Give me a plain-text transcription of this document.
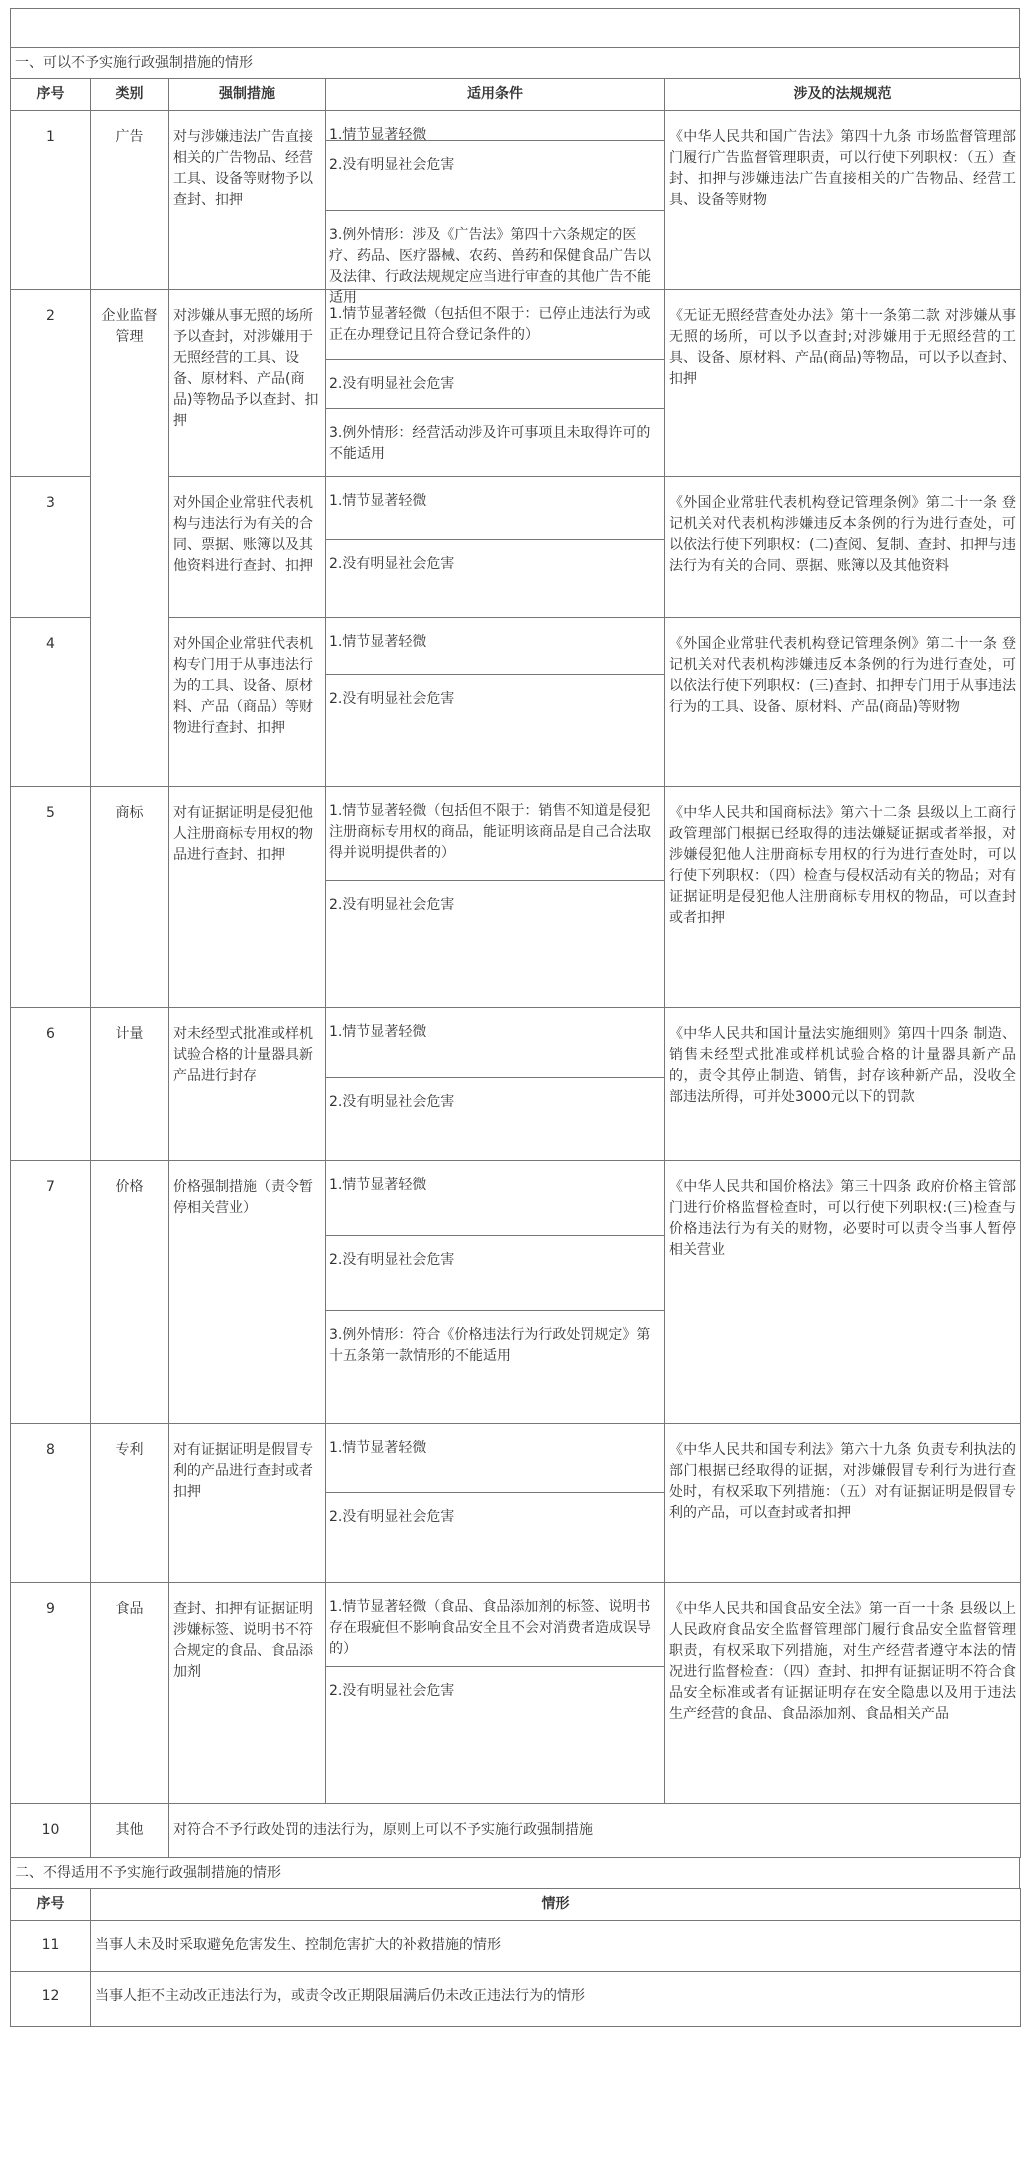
一、可以不予实施行政强制措施的情形
序号	类别	强制措施	适用条件	涉及的法规规范
1	广告	对与涉嫌违法广告直接相关的广告物品、经营工具、设备等财物予以查封、扣押	1.情节显著轻微
2.没有明显社会危害
3.例外情形：涉及《广告法》第四十六条规定的医疗、药品、医疗器械、农药、兽药和保健食品广告以及法律、行政法规规定应当进行审查的其他广告不能适用	《中华人民共和国广告法》第四十九条 市场监督管理部门履行广告监督管理职责，可以行使下列职权：（五）查封、扣押与涉嫌违法广告直接相关的广告物品、经营工具、设备等财物
2	企业监督管理	对涉嫌从事无照的场所予以查封，对涉嫌用于无照经营的工具、设备、原材料、产品(商品)等物品予以查封、扣押	1.情节显著轻微（包括但不限于：已停止违法行为或正在办理登记且符合登记条件的）
2.没有明显社会危害
3.例外情形：经营活动涉及许可事项且未取得许可的不能适用	《无证无照经营查处办法》第十一条第二款 对涉嫌从事无照的场所，可以予以查封;对涉嫌用于无照经营的工具、设备、原材料、产品(商品)等物品，可以予以查封、扣押
3		对外国企业常驻代表机构与违法行为有关的合同、票据、账簿以及其他资料进行查封、扣押	1.情节显著轻微
2.没有明显社会危害	《外国企业常驻代表机构登记管理条例》第二十一条 登记机关对代表机构涉嫌违反本条例的行为进行查处，可以依法行使下列职权：(二)查阅、复制、查封、扣押与违法行为有关的合同、票据、账簿以及其他资料
4		对外国企业常驻代表机构专门用于从事违法行为的工具、设备、原材料、产品（商品）等财物进行查封、扣押	1.情节显著轻微
2.没有明显社会危害	《外国企业常驻代表机构登记管理条例》第二十一条 登记机关对代表机构涉嫌违反本条例的行为进行查处，可以依法行使下列职权：(三)查封、扣押专门用于从事违法行为的工具、设备、原材料、产品(商品)等财物
5	商标	对有证据证明是侵犯他人注册商标专用权的物品进行查封、扣押	1.情节显著轻微（包括但不限于：销售不知道是侵犯注册商标专用权的商品，能证明该商品是自己合法取得并说明提供者的）
2.没有明显社会危害	《中华人民共和国商标法》第六十二条 县级以上工商行政管理部门根据已经取得的违法嫌疑证据或者举报，对涉嫌侵犯他人注册商标专用权的行为进行查处时，可以行使下列职权：（四）检查与侵权活动有关的物品；对有证据证明是侵犯他人注册商标专用权的物品，可以查封或者扣押
6	计量	对未经型式批准或样机试验合格的计量器具新产品进行封存	1.情节显著轻微
2.没有明显社会危害	《中华人民共和国计量法实施细则》第四十四条 制造、销售未经型式批准或样机试验合格的计量器具新产品的，责令其停止制造、销售，封存该种新产品，没收全部违法所得，可并处3000元以下的罚款
7	价格	价格强制措施（责令暂停相关营业）	1.情节显著轻微
2.没有明显社会危害
3.例外情形：符合《价格违法行为行政处罚规定》第十五条第一款情形的不能适用	《中华人民共和国价格法》第三十四条 政府价格主管部门进行价格监督检查时，可以行使下列职权:(三)检查与价格违法行为有关的财物，必要时可以责令当事人暂停相关营业
8	专利	对有证据证明是假冒专利的产品进行查封或者扣押	1.情节显著轻微
2.没有明显社会危害	《中华人民共和国专利法》第六十九条 负责专利执法的部门根据已经取得的证据，对涉嫌假冒专利行为进行查处时，有权采取下列措施：（五）对有证据证明是假冒专利的产品，可以查封或者扣押
9	食品	查封、扣押有证据证明涉嫌标签、说明书不符合规定的食品、食品添加剂	1.情节显著轻微（食品、食品添加剂的标签、说明书存在瑕疵但不影响食品安全且不会对消费者造成误导的）
2.没有明显社会危害	《中华人民共和国食品安全法》第一百一十条 县级以上人民政府食品安全监督管理部门履行食品安全监督管理职责，有权采取下列措施，对生产经营者遵守本法的情况进行监督检查：（四）查封、扣押有证据证明不符合食品安全标准或者有证据证明存在安全隐患以及用于违法生产经营的食品、食品添加剂、食品相关产品
10	其他	对符合不予行政处罚的违法行为，原则上可以不予实施行政强制措施		
二、不得适用不予实施行政强制措施的情形
序号	情形
11	当事人未及时采取避免危害发生、控制危害扩大的补救措施的情形
12	当事人拒不主动改正违法行为，或责令改正期限届满后仍未改正违法行为的情形
